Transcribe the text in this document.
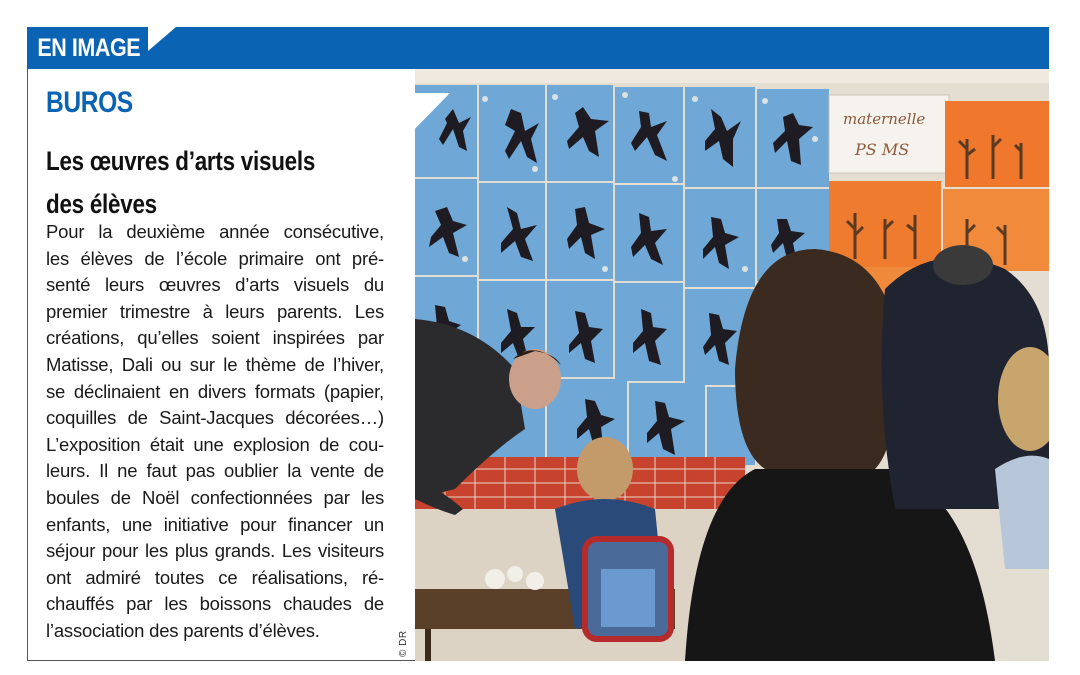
EN IMAGE
BUROS
Les œuvres d’arts visuels
des élèves
Pour la deuxième année consécutive,
les élèves de l’école primaire ont pré-
senté leurs œuvres d’arts visuels du
premier trimestre à leurs parents. Les
créations, qu’elles soient inspirées par
Matisse, Dali ou sur le thème de l’hiver,
se déclinaient en divers formats (papier,
coquilles de Saint-Jacques décorées…)
L’exposition était une explosion de cou-
leurs. Il ne faut pas oublier la vente de
boules de Noël confectionnées par les
enfants, une initiative pour financer un
séjour pour les plus grands. Les visiteurs
ont admiré toutes ce réalisations, ré-
chauffés par les boissons chaudes de
l’association des parents d’élèves.
maternelle
PS MS
© DR
